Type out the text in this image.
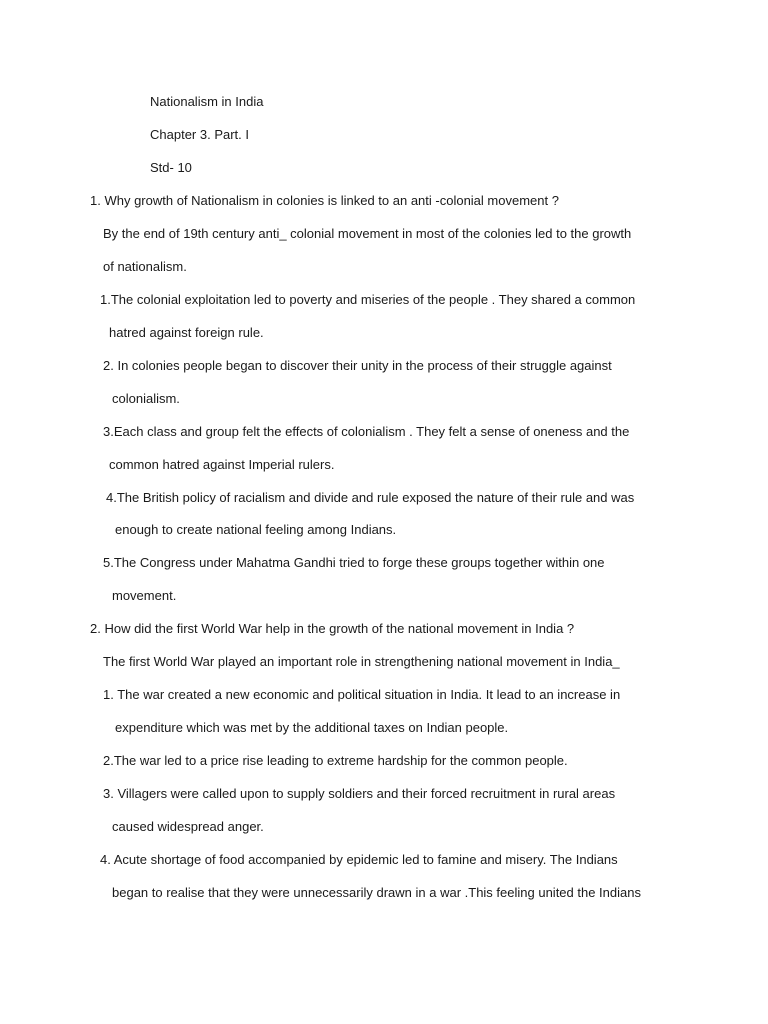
Nationalism in India
Chapter 3. Part. I
Std- 10
1. Why growth of Nationalism in colonies is linked to an anti -colonial movement ?
By the end of 19th century anti_ colonial movement in most of the colonies led to the growth
of nationalism.
1.The colonial exploitation led to poverty and miseries of the people . They shared a common
hatred against foreign rule.
2. In colonies people began to discover their unity in the process of their struggle against
colonialism.
3.Each class and group felt the effects of colonialism . They felt a sense of oneness and the
common hatred against Imperial rulers.
4.The British policy of racialism and divide and rule exposed the nature of their rule and was
enough to create national feeling among Indians.
5.The Congress under Mahatma Gandhi tried to forge these groups together within one
movement.
2. How did the first World War help in the growth of the national movement in India ?
The first World War played an important role in strengthening national movement in India_
1. The war created a new economic and political situation in India. It lead to an increase in
expenditure which was met by the additional taxes on Indian people.
2.The war led to a price rise leading to extreme hardship for the common people.
3. Villagers were called upon to supply soldiers and their forced recruitment in rural areas
caused widespread anger.
4. Acute shortage of food accompanied by epidemic led to famine and misery. The Indians
began to realise that they were unnecessarily drawn in a war .This feeling united the Indians
